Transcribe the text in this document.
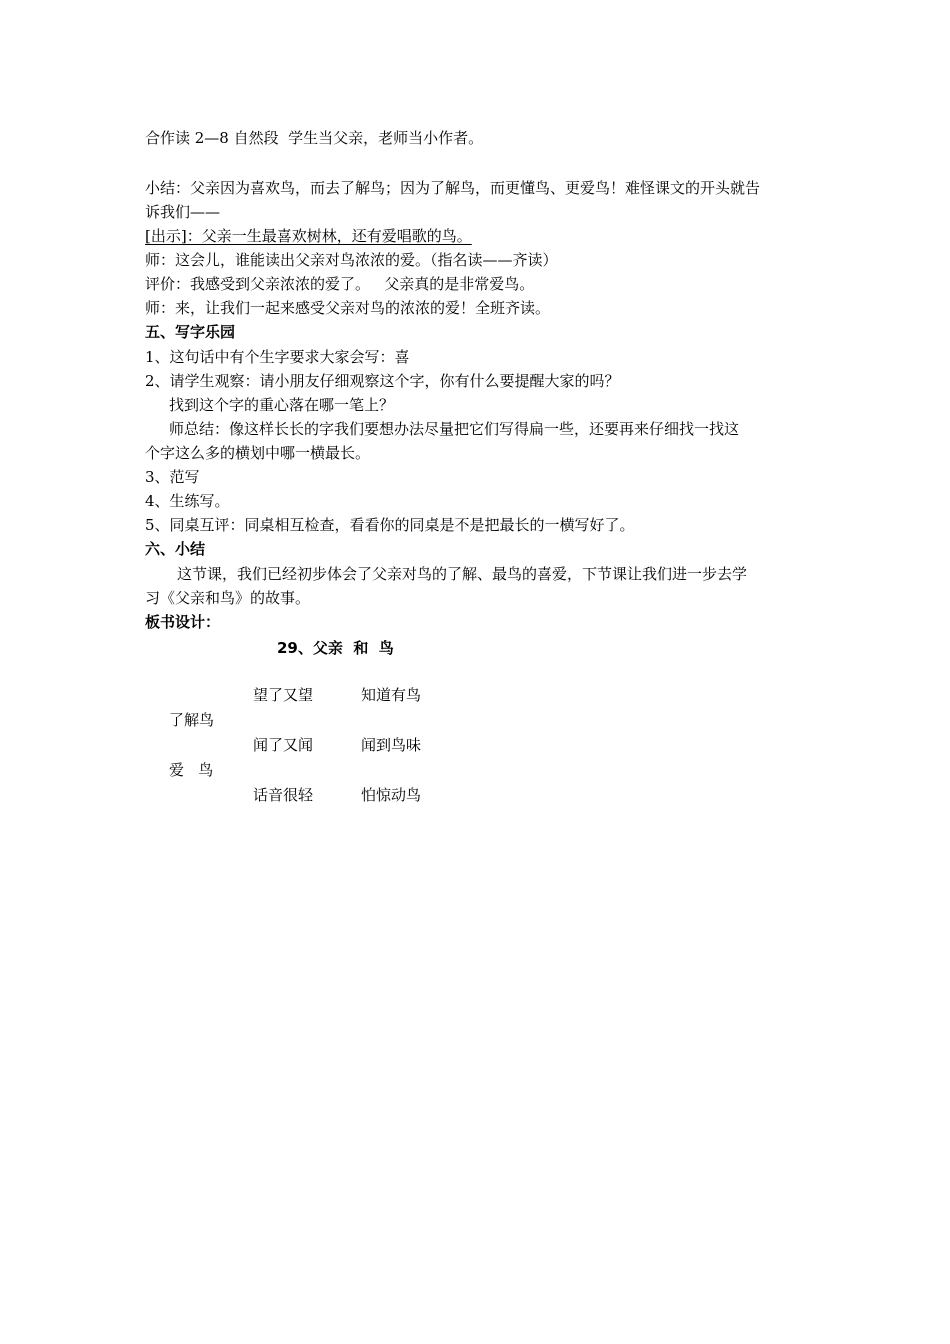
合作读 2—8 自然段  学生当父亲，老师当小作者。

小结：父亲因为喜欢鸟，而去了解鸟；因为了解鸟，而更懂鸟、更爱鸟！难怪课文的开头就告

诉我们——

[出示]：父亲一生最喜欢树林，还有爱唱歌的鸟。

师：这会儿，谁能读出父亲对鸟浓浓的爱。（指名读——齐读）

评价：我感受到父亲浓浓的爱了。   父亲真的是非常爱鸟。

师：来，让我们一起来感受父亲对鸟的浓浓的爱！全班齐读。

五、写字乐园

1、这句话中有个生字要求大家会写：喜

2、请学生观察：请小朋友仔细观察这个字，你有什么要提醒大家的吗？

找到这个字的重心落在哪一笔上？

师总结：像这样长长的字我们要想办法尽量把它们写得扁一些，还要再来仔细找一找这

个字这么多的横划中哪一横最长。

3、范写

4、生练写。

5、同桌互评：同桌相互检查，看看你的同桌是不是把最长的一横写好了。

六、小结

这节课，我们已经初步体会了父亲对鸟的了解、最鸟的喜爱，下节课让我们进一步去学

习《父亲和鸟》的故事。

板书设计：

29、父亲  和  鸟
望了又望	知道有鸟
了解鸟
闻了又闻	闻到鸟味
爱   鸟
话音很轻	怕惊动鸟
